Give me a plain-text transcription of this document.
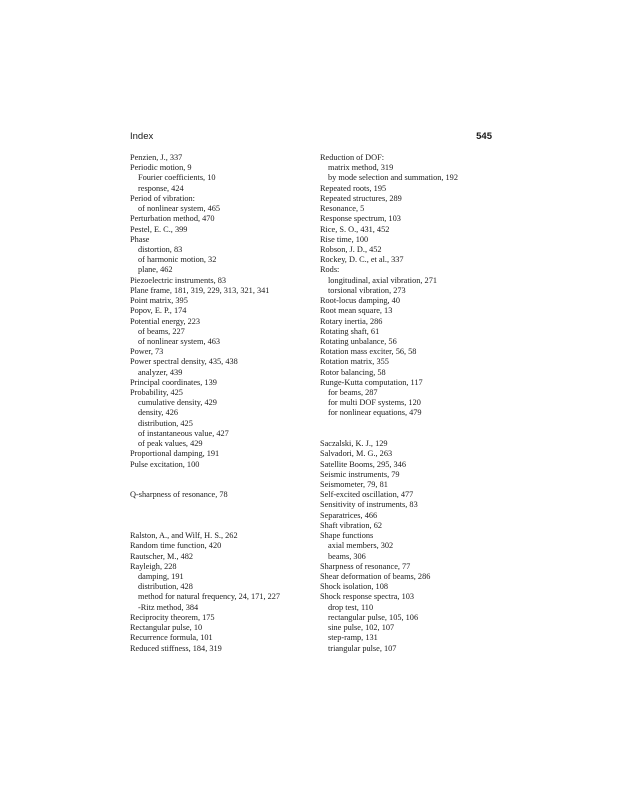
Index	545
Penzien, J., 337
Periodic motion, 9
Fourier coefficients, 10
response, 424
Period of vibration:
of nonlinear system, 465
Perturbation method, 470
Pestel, E. C., 399
Phase
distortion, 83
of harmonic motion, 32
plane, 462
Piezoelectric instruments, 83
Plane frame, 181, 319, 229, 313, 321, 341
Point matrix, 395
Popov, E. P., 174
Potential energy, 223
of beams, 227
of nonlinear system, 463
Power, 73
Power spectral density, 435, 438
analyzer, 439
Principal coordinates, 139
Probability, 425
cumulative density, 429
density, 426
distribution, 425
of instantaneous value, 427
of peak values, 429
Proportional damping, 191
Pulse excitation, 100
Q-sharpness of resonance, 78
Ralston, A., and Wilf, H. S., 262
Random time function, 420
Rautscher, M., 482
Rayleigh, 228
damping, 191
distribution, 428
method for natural frequency, 24, 171, 227
-Ritz method, 384
Reciprocity theorem, 175
Rectangular pulse, 10
Recurrence formula, 101
Reduced stiffness, 184, 319
Reduction of DOF:
matrix method, 319
by mode selection and summation, 192
Repeated roots, 195
Repeated structures, 289
Resonance, 5
Response spectrum, 103
Rice, S. O., 431, 452
Rise time, 100
Robson, J. D., 452
Rockey, D. C., et al., 337
Rods:
longitudinal, axial vibration, 271
torsional vibration, 273
Root-locus damping, 40
Root mean square, 13
Rotary inertia, 286
Rotating shaft, 61
Rotating unbalance, 56
Rotation mass exciter, 56, 58
Rotation matrix, 355
Rotor balancing, 58
Runge-Kutta computation, 117
for beams, 287
for multi DOF systems, 120
for nonlinear equations, 479
Saczalski, K. J., 129
Salvadori, M. G., 263
Satellite Booms, 295, 346
Seismic instruments, 79
Seismometer, 79, 81
Self-excited oscillation, 477
Sensitivity of instruments, 83
Separatrices, 466
Shaft vibration, 62
Shape functions
axial members, 302
beams, 306
Sharpness of resonance, 77
Shear deformation of beams, 286
Shock isolation, 108
Shock response spectra, 103
drop test, 110
rectangular pulse, 105, 106
sine pulse, 102, 107
step-ramp, 131
triangular pulse, 107
